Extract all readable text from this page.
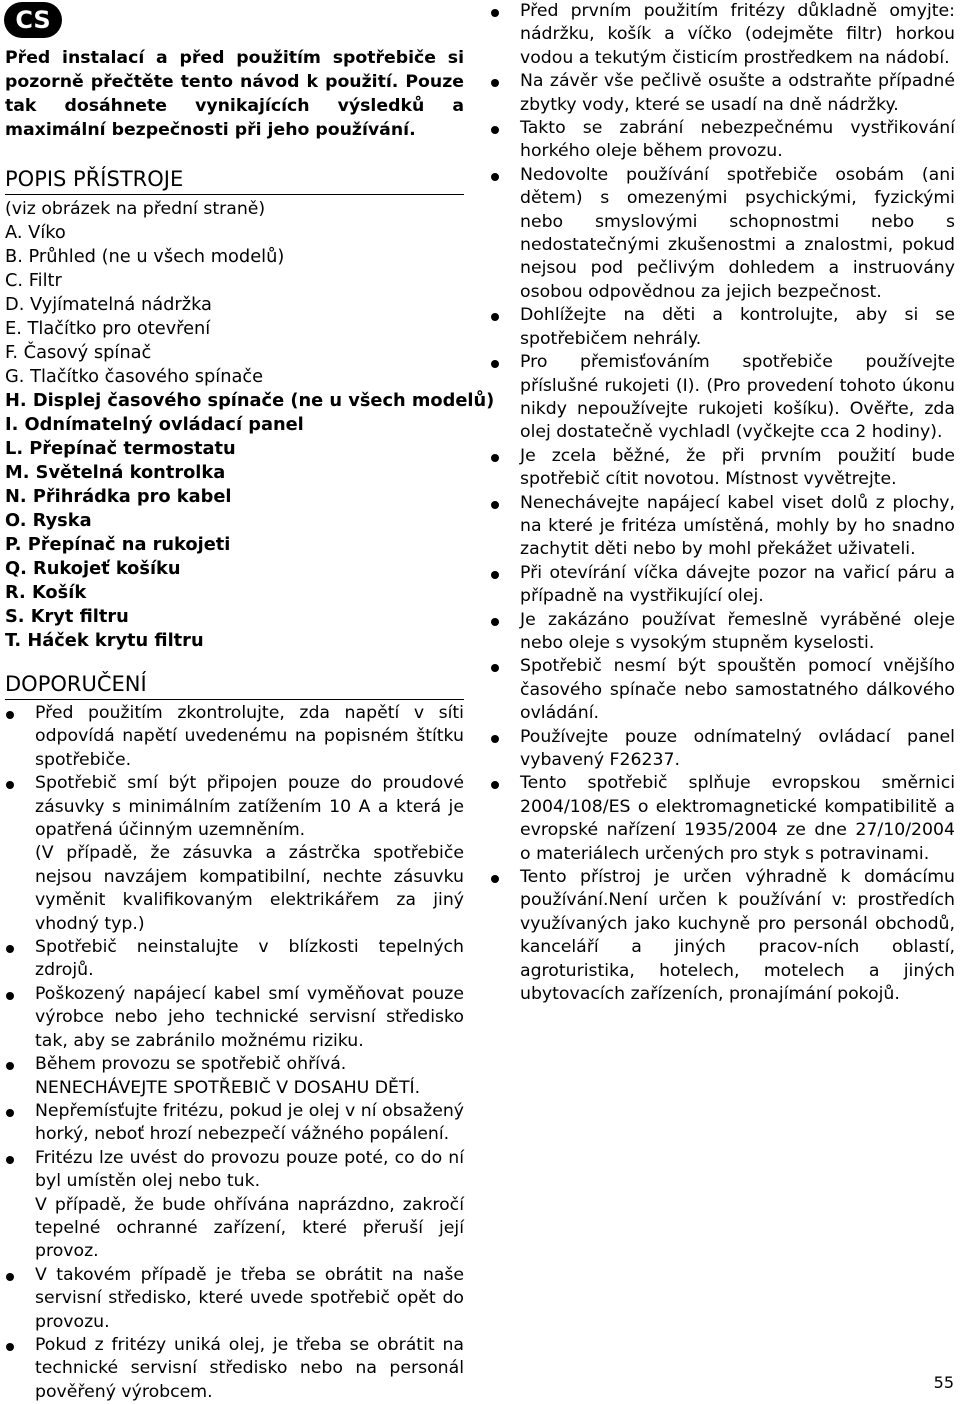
CS

Před instalací a před použitím spotřebiče si pozorně přečtěte tento návod k použití. Pouze tak dosáhnete vynikajících výsledků a maximální bezpečnosti při jeho používání.

POPIS PŘÍSTROJE

(viz obrázek na přední straně)

A. Víko
B. Průhled (ne u všech modelů)
C. Filtr
D. Vyjímatelná nádržka
E. Tlačítko pro otevření
F. Časový spínač
G. Tlačítko časového spínače
H. Displej časového spínače (ne u všech modelů)
I. Odnímatelný ovládací panel
L. Přepínač termostatu
M. Světelná kontrolka
N. Přihrádka pro kabel
O. Ryska
P. Přepínač na rukojeti
Q. Rukojeť košíku
R. Košík
S. Kryt filtru
T. Háček krytu filtru
DOPORUČENÍ
Před použitím zkontrolujte, zda napětí v síti odpovídá napětí uvedenému na popisném štítku spotřebiče.
Spotřebič smí být připojen pouze do proudové zásuvky s minimálním zatížením 10 A a která je opatřená účinným uzemněním.
(V případě, že zásuvka a zástrčka spotřebiče nejsou navzájem kompatibilní, nechte zásuvku vyměnit kvalifikovaným elektrikářem za jiný vhodný typ.)
Spotřebič neinstalujte v blízkosti tepelných zdrojů.
Poškozený napájecí kabel smí vyměňovat pouze výrobce nebo jeho technické servisní středisko tak, aby se zabránilo možnému riziku.
Během provozu se spotřebič ohřívá.
NENECHÁVEJTE SPOTŘEBIČ V DOSAHU DĚTÍ.
Nepřemísťujte fritézu, pokud je olej v ní obsažený horký, neboť hrozí nebezpečí vážného popálení.
Fritézu lze uvést do provozu pouze poté, co do ní byl umístěn olej nebo tuk.
V případě, že bude ohřívána naprázdno, zakročí tepelné ochranné zařízení, které přeruší její provoz.
V takovém případě je třeba se obrátit na naše servisní středisko, které uvede spotřebič opět do provozu.
Pokud z fritézy uniká olej, je třeba se obrátit na technické servisní středisko nebo na personál pověřený výrobcem.
Před prvním použitím fritézy důkladně omyjte: nádržku, košík a víčko (odejměte filtr) horkou vodou a tekutým čisticím prostředkem na nádobí.
Na závěr vše pečlivě osušte a odstraňte případné zbytky vody, které se usadí na dně nádržky.
Takto se zabrání nebezpečnému vystřikování horkého oleje během provozu.
Nedovolte používání spotřebiče osobám (ani dětem) s omezenými psychickými, fyzickými nebo smyslovými schopnostmi nebo s nedostatečnými zkušenostmi a znalostmi, pokud nejsou pod pečlivým dohledem a instruovány osobou odpovědnou za jejich bezpečnost.
Dohlížejte na děti a kontrolujte, aby si se spotřebičem nehrály.
Pro přemisťováním spotřebiče používejte příslušné rukojeti (I). (Pro provedení tohoto úkonu nikdy nepoužívejte rukojeti košíku). Ověřte, zda olej dostatečně vychladl (vyčkejte cca 2 hodiny).
Je zcela běžné, že při prvním použití bude spotřebič cítit novotou. Místnost vyvětrejte.
Nenechávejte napájecí kabel viset dolů z plochy, na které je fritéza umístěná, mohly by ho snadno zachytit děti nebo by mohl překážet uživateli.
Při otevírání víčka dávejte pozor na vařicí páru a případně na vystřikující olej.
Je zakázáno používat řemeslně vyráběné oleje nebo oleje s vysokým stupněm kyselosti.
Spotřebič nesmí být spouštěn pomocí vnějšího časového spínače nebo samostatného dálkového ovládání.
Používejte pouze odnímatelný ovládací panel vybavený F26237.
Tento spotřebič splňuje evropskou směrnici 2004/108/ES o elektromagnetické kompatibilitě a evropské nařízení 1935/2004 ze dne 27/10/2004 o materiálech určených pro styk s potravinami.
Tento přístroj je určen výhradně k domácímu používání.Není určen k používání v: prostředích využívaných jako kuchyně pro personál obchodů, kanceláří a jiných pracov-ních oblastí, agroturistika, hotelech, motelech a jiných ubytovacích zařízeních, pronajímání pokojů.
55
